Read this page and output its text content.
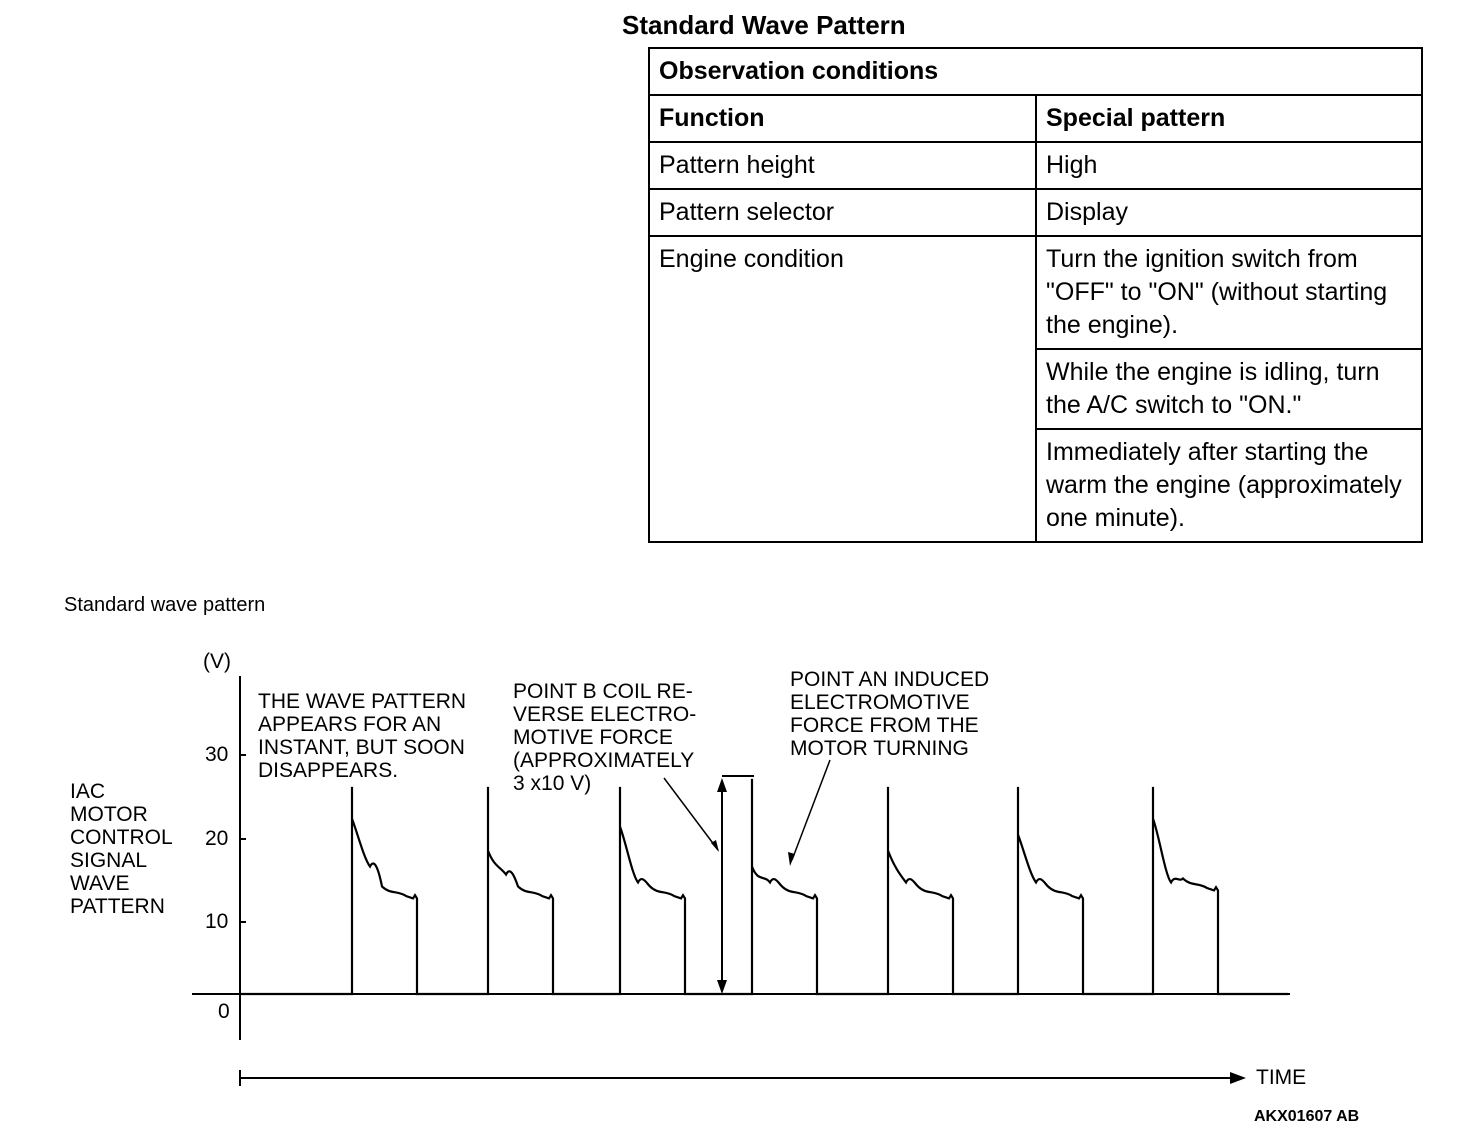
Standard Wave Pattern
Observation conditions	
Function	Special pattern
Pattern height	High
Pattern selector	Display
Engine condition	Turn the ignition switch from "OFF" to "ON" (without starting the engine).
	While the engine is idling, turn the A/C switch to "ON."
	Immediately after starting the warm the engine (approximately one minute).
Standard wave pattern
(V)
30
20
10
0
IAC
MOTOR
CONTROL
SIGNAL
WAVE
PATTERN
THE WAVE PATTERN
APPEARS FOR AN
INSTANT, BUT SOON
DISAPPEARS.
POINT B COIL RE-
VERSE ELECTRO-
MOTIVE FORCE
(APPROXIMATELY
3 x10 V)
POINT AN INDUCED
ELECTROMOTIVE
FORCE FROM THE
MOTOR TURNING
TIME
AKX01607 AB
